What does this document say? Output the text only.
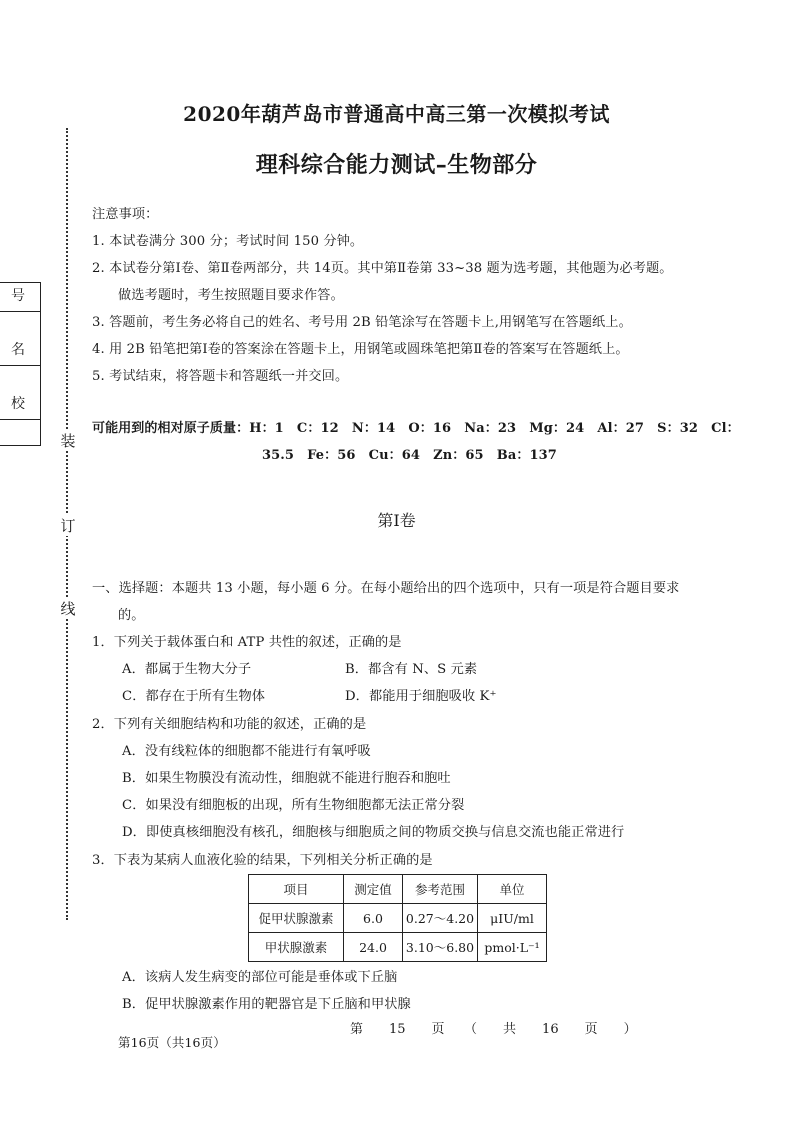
装
订
线
号
名
校
2020年葫芦岛市普通高中高三第一次模拟考试
理科综合能力测试–生物部分
注意事项：
1. 本试卷满分 300 分；考试时间 150 分钟。
2. 本试卷分第Ⅰ卷、第Ⅱ卷两部分，共 14页。其中第Ⅱ卷第 33~38 题为选考题，其他题为必考题。
做选考题时，考生按照题目要求作答。
3. 答题前，考生务必将自己的姓名、考号用 2B 铅笔涂写在答题卡上,用钢笔写在答题纸上。
4. 用 2B 铅笔把第Ⅰ卷的答案涂在答题卡上，用钢笔或圆珠笔把第Ⅱ卷的答案写在答题纸上。
5. 考试结束，将答题卡和答题纸一并交回。
可能用到的相对原子质量：H：1　C：12　N：14　O：16　Na：23　Mg：24　Al：27　S：32　Cl：
35.5　Fe：56　Cu：64　Zn：65　Ba：137
第Ⅰ卷
一、选择题：本题共 13 小题，每小题 6 分。在每小题给出的四个选项中，只有一项是符合题目要求
的。
1．下列关于载体蛋白和 ATP 共性的叙述，正确的是
A．都属于生物大分子	B．都含有 N、S 元素
C．都存在于所有生物体	D．都能用于细胞吸收 K⁺
2．下列有关细胞结构和功能的叙述，正确的是
A．没有线粒体的细胞都不能进行有氧呼吸
B．如果生物膜没有流动性，细胞就不能进行胞吞和胞吐
C．如果没有细胞板的出现，所有生物细胞都无法正常分裂
D．即使真核细胞没有核孔，细胞核与细胞质之间的物质交换与信息交流也能正常进行
3．下表为某病人血液化验的结果，下列相关分析正确的是
项目	测定值	参考范围	单位
促甲状腺激素	6.0	0.27～4.20	μIU/ml
甲状腺激素	24.0	3.10～6.80	pmol·L⁻¹
A．该病人发生病变的部位可能是垂体或下丘脑
B．促甲状腺激素作用的靶器官是下丘脑和甲状腺
第　　15　　页　　（　　共　　16　　页　　）
第16页（共16页）
